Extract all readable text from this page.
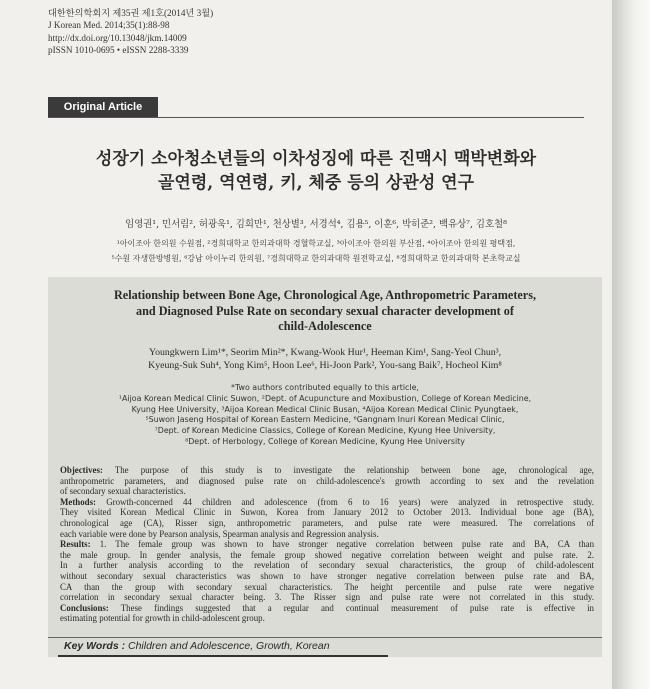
대한한의학회지 제35권 제1호(2014년 3월)
J Korean Med. 2014;35(1):88-98
http://dx.doi.org/10.13048/jkm.14009
pISSN 1010-0695 • eISSN 2288-3339
Original Article
성장기 소아청소년들의 이차성징에 따른 진맥시 맥박변화와
골연령, 역연령, 키, 체중 등의 상관성 연구
임영권¹, 민서림², 허광욱¹, 김희만¹, 천상별³, 서경석⁴, 김용⁵, 이훈⁶, 박히준², 백유상⁷, 김호철⁸
¹아이조아 한의원 수원점, ²경희대학교 한의과대학 경혈학교실, ³아이조아 한의원 부산점, ⁴아이조아 한의원 평택점,
⁵수원 자생한방병원, ⁶강남 아이누리 한의원, ⁷경희대학교 한의과대학 원전학교실, ⁸경희대학교 한의과대학 본초학교실
Relationship between Bone Age, Chronological Age, Anthropometric Parameters,
and Diagnosed Pulse Rate on secondary sexual character development of
child-Adolescence
Youngkwern Lim¹*, Seorim Min²*, Kwang-Wook Hur¹, Heeman Kim¹, Sang-Yeol Chun³,
Kyeung-Suk Suh⁴, Yong Kim⁵, Hoon Lee⁶, Hi-Joon Park², You-sang Baik⁷, Hocheol Kim⁸
*Two authors contributed equally to this article,
¹Aijoa Korean Medical Clinic Suwon, ²Dept. of Acupuncture and Moxibustion, College of Korean Medicine,
Kyung Hee University, ³Aijoa Korean Medical Clinic Busan, ⁴Aijoa Korean Medical Clinic Pyungtaek,
⁵Suwon Jaseng Hospital of Korean Eastern Medicine, ⁶Gangnam Inuri Korean Medical Clinic,
⁷Dept. of Korean Medicine Classics, College of Korean Medicine, Kyung Hee University,
⁸Dept. of Herbology, College of Korean Medicine, Kyung Hee University
Objectives: The purpose of this study is to investigate the relationship between bone age, chronological age,
anthropometric parameters, and diagnosed pulse rate on child-adolescence's growth according to sex and the revelation
of secondary sexual characteristics.
Methods: Growth-concerned 44 children and adolescence (from 6 to 16 years) were analyzed in retrospective study.
They visited Korean Medical Clinic in Suwon, Korea from January 2012 to October 2013. Individual bone age (BA),
chronological age (CA), Risser sign, anthropometric parameters, and pulse rate were measured. The correlations of
each variable were done by Pearson analysis, Spearman analysis and Regression analysis.
Results: 1. The female group was shown to have stronger negative correlation between pulse rate and BA, CA than
the male group. In gender analysis, the female group showed negative correlation between weight and pulse rate. 2.
In a further analysis according to the revelation of secondary sexual characteristics, the group of child-adolescent
without secondary sexual characteristics was shown to have stronger negative correlation between pulse rate and BA,
CA than the group with secondary sexual characteristics. The height percentile and pulse rate were negative
correlation in secondary sexual character being. 3. The Risser sign and pulse rate were not correlated in this study.
Conclusions: These findings suggested that a regular and continual measurement of pulse rate is effective in
estimating potential for growth in child-adolescent group.
Key Words : Children and Adolescence, Growth, Korean
